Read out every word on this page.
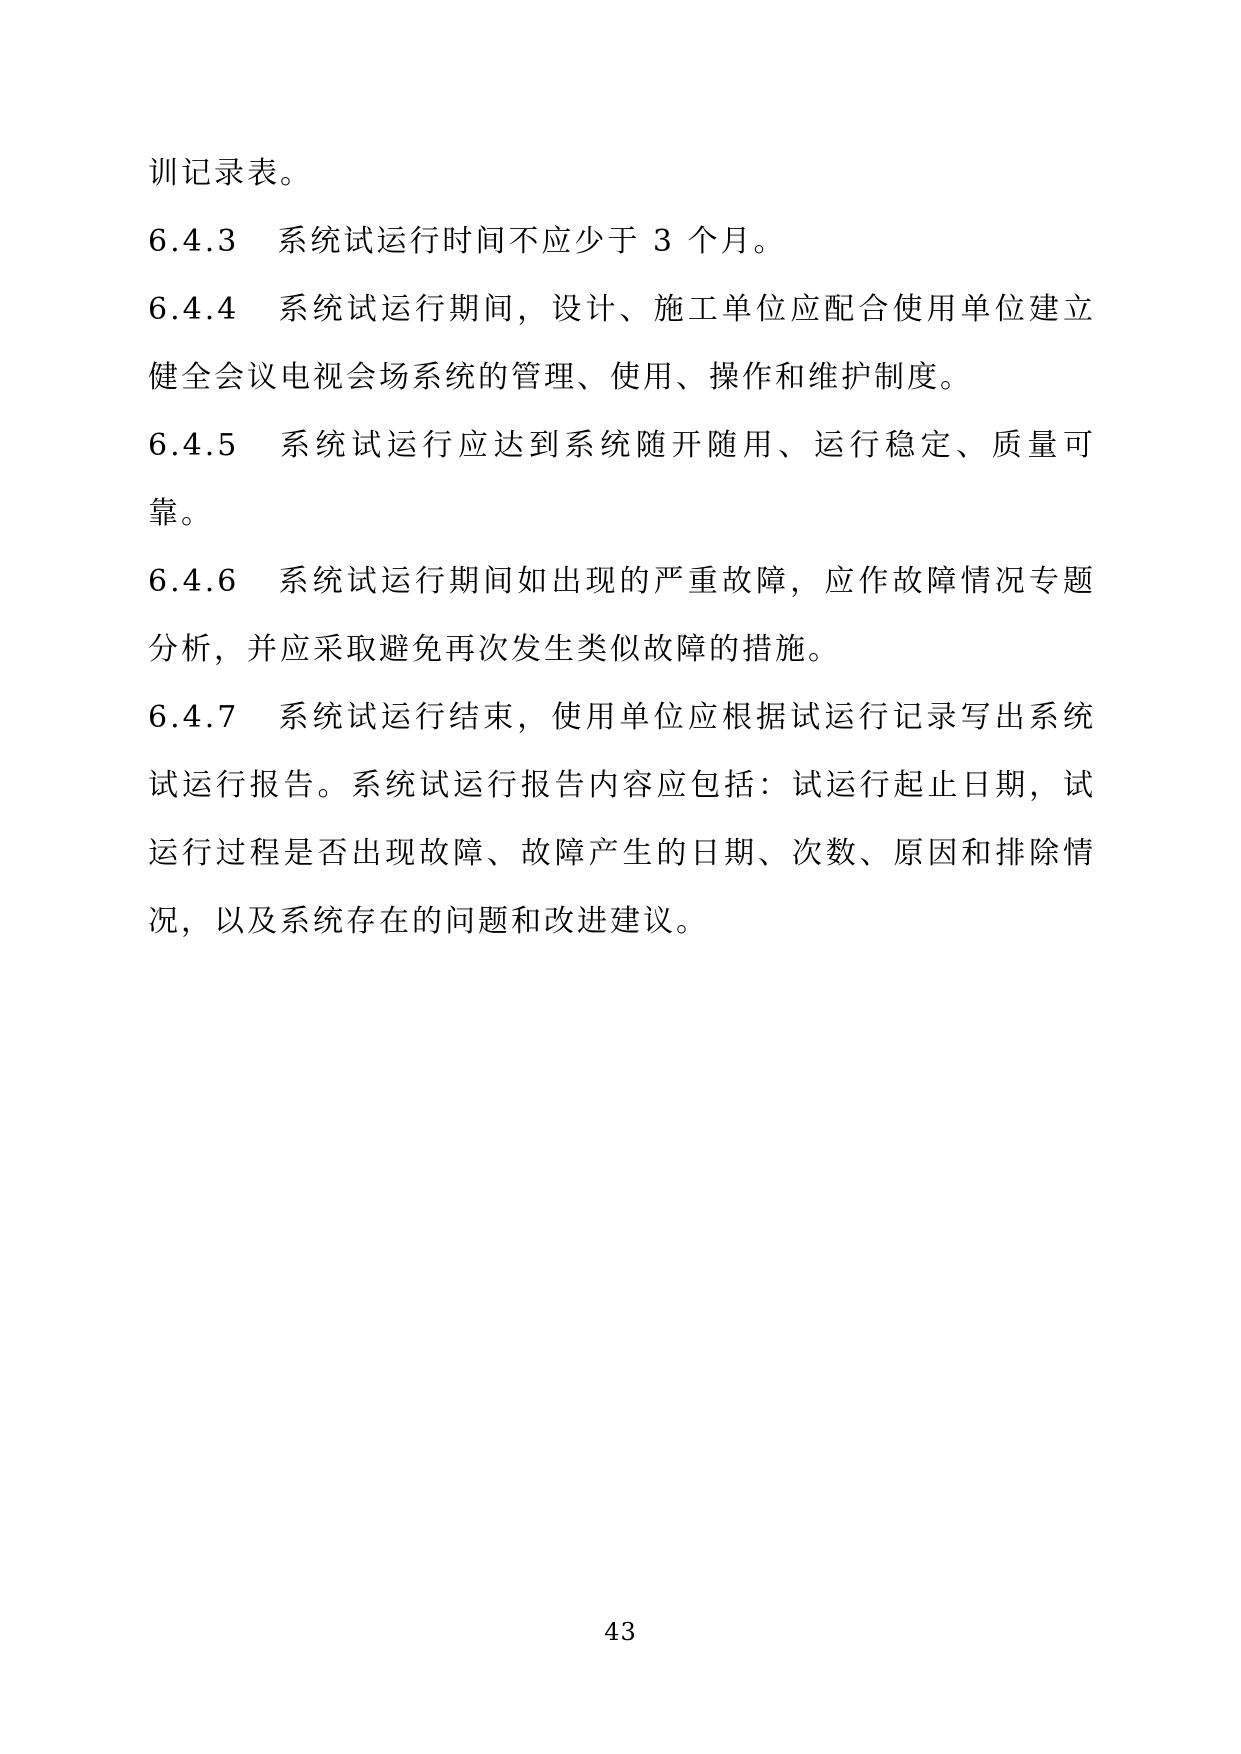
训记录表。

6.4.3 系统试运行时间不应少于 3 个月。

6.4.4 系统试运行期间，设计、施工单位应配合使用单位建立健全会议电视会场系统的管理、使用、操作和维护制度。

6.4.5 系统试运行应达到系统随开随用、运行稳定、质量可靠。

6.4.6 系统试运行期间如出现的严重故障，应作故障情况专题分析，并应采取避免再次发生类似故障的措施。

6.4.7 系统试运行结束，使用单位应根据试运行记录写出系统试运行报告。系统试运行报告内容应包括：试运行起止日期，试运行过程是否出现故障、故障产生的日期、次数、原因和排除情况，以及系统存在的问题和改进建议。

43
